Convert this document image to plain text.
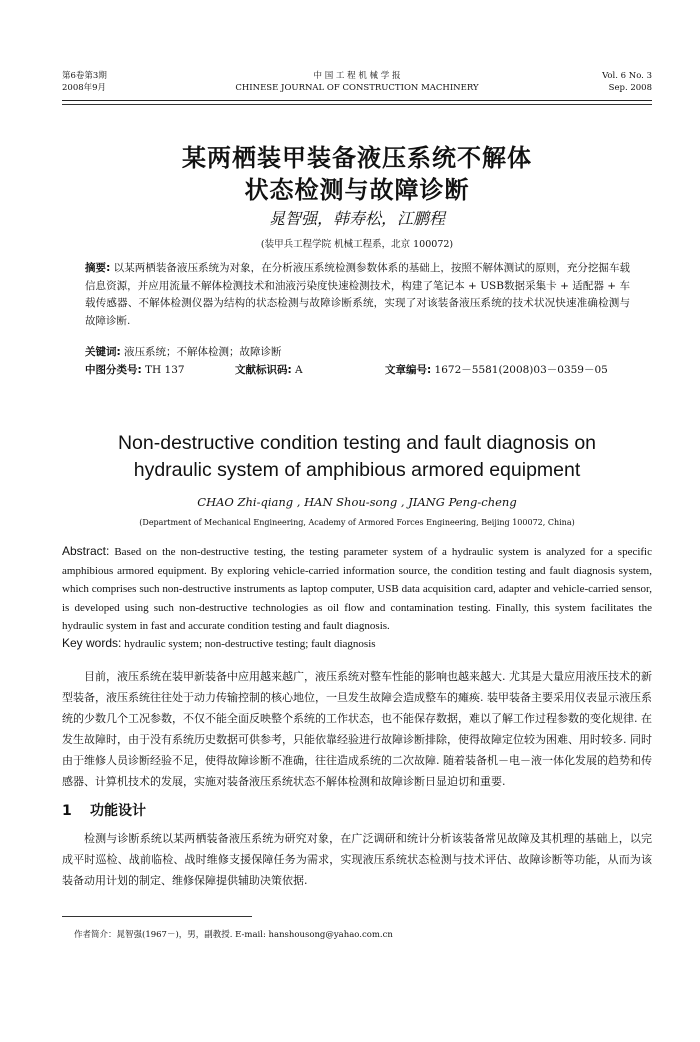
第6卷第3期
2008年9月
中 国 工 程 机 械 学 报
CHINESE JOURNAL OF CONSTRUCTION MACHINERY
Vol. 6 No. 3
Sep. 2008
某两栖装甲装备液压系统不解体
状态检测与故障诊断
晁智强，韩寿松，江鹏程
(装甲兵工程学院 机械工程系，北京 100072)
摘要: 以某两栖装备液压系统为对象，在分析液压系统检测参数体系的基础上，按照不解体测试的原则，充分挖掘车载信息资源，并应用流量不解体检测技术和油液污染度快速检测技术，构建了笔记本 + USB数据采集卡 + 适配器 + 车载传感器、不解体检测仪器为结构的状态检测与故障诊断系统，实现了对该装备液压系统的技术状况快速准确检测与故障诊断.
关键词: 液压系统；不解体检测；故障诊断
中图分类号: TH 137	文献标识码: A	文章编号: 1672－5581(2008)03－0359－05
Non-destructive condition testing and fault diagnosis on
hydraulic system of amphibious armored equipment
CHAO Zhi-qiang , HAN Shou-song , JIANG Peng-cheng
(Department of Mechanical Engineering, Academy of Armored Forces Engineering, Beijing 100072, China)
Abstract: Based on the non-destructive testing, the testing parameter system of a hydraulic system is analyzed for a specific amphibious armored equipment. By exploring vehicle-carried information source, the condition testing and fault diagnosis system, which comprises such non-destructive instruments as laptop computer, USB data acquisition card, adapter and vehicle-carried sensor, is developed using such non-destructive technologies as oil flow and contamination testing. Finally, this system facilitates the hydraulic system in fast and accurate condition testing and fault diagnosis.
Key words: hydraulic system; non-destructive testing; fault diagnosis
目前，液压系统在装甲新装备中应用越来越广，液压系统对整车性能的影响也越来越大. 尤其是大量应用液压技术的新型装备，液压系统往往处于动力传输控制的核心地位，一旦发生故障会造成整车的瘫痪. 装甲装备主要采用仪表显示液压系统的少数几个工况参数，不仅不能全面反映整个系统的工作状态，也不能保存数据，难以了解工作过程参数的变化规律. 在发生故障时，由于没有系统历史数据可供参考，只能依靠经验进行故障诊断排除，使得故障定位较为困难、用时较多. 同时由于维修人员诊断经验不足，使得故障诊断不准确，往往造成系统的二次故障. 随着装备机－电－液一体化发展的趋势和传感器、计算机技术的发展，实施对装备液压系统状态不解体检测和故障诊断日显迫切和重要.
1 功能设计
检测与诊断系统以某两栖装备液压系统为研究对象，在广泛调研和统计分析该装备常见故障及其机理的基础上，以完成平时巡检、战前临检、战时维修支援保障任务为需求，实现液压系统状态检测与技术评估、故障诊断等功能，从而为该装备动用计划的制定、维修保障提供辅助决策依据.
作者简介：晁智强(1967－)，男，副教授. E-mail: hanshousong@yahao.com.cn
